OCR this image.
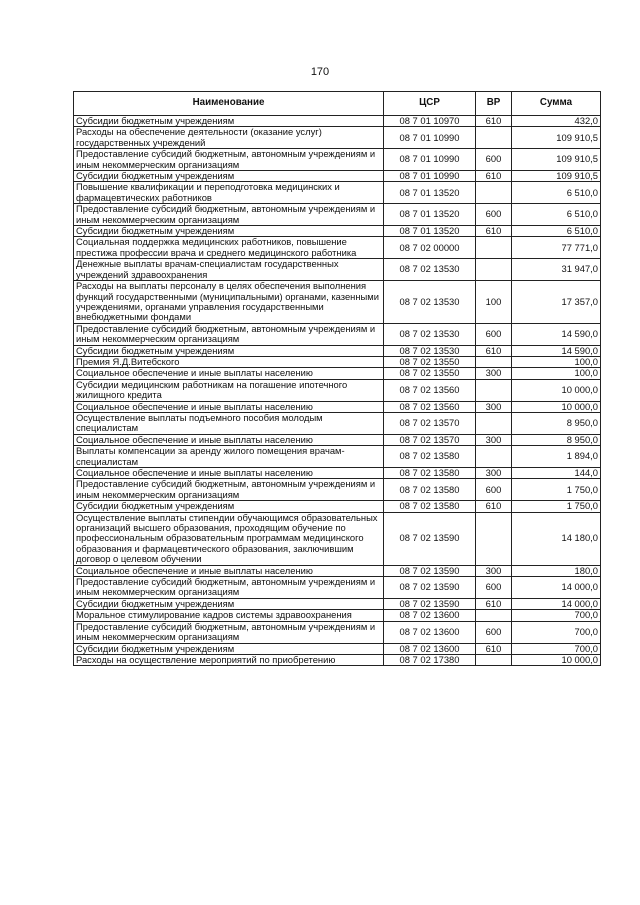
170
Наименование	ЦСР	ВР	Сумма
Субсидии бюджетным учреждениям	08 7 01 10970	610	432,0
Расходы на обеспечение деятельности (оказание услуг) государственных учреждений	08 7 01 10990		109 910,5
Предоставление субсидий бюджетным, автономным учреждениям и иным некоммерческим организациям	08 7 01 10990	600	109 910,5
Субсидии бюджетным учреждениям	08 7 01 10990	610	109 910,5
Повышение квалификации и переподготовка медицинских и фармацевтических работников	08 7 01 13520		6 510,0
Предоставление субсидий бюджетным, автономным учреждениям и иным некоммерческим организациям	08 7 01 13520	600	6 510,0
Субсидии бюджетным учреждениям	08 7 01 13520	610	6 510,0
Социальная поддержка медицинских работников, повышение престижа профессии врача и среднего медицинского работника	08 7 02 00000		77 771,0
Денежные выплаты врачам-специалистам государственных учреждений здравоохранения	08 7 02 13530		31 947,0
Расходы на выплаты персоналу в целях обеспечения выполнения функций государственными (муниципальными) органами, казенными учреждениями, органами управления государственными внебюджетными фондами	08 7 02 13530	100	17 357,0
Предоставление субсидий бюджетным, автономным учреждениям и иным некоммерческим организациям	08 7 02 13530	600	14 590,0
Субсидии бюджетным учреждениям	08 7 02 13530	610	14 590,0
Премия Я.Д.Витебского	08 7 02 13550		100,0
Социальное обеспечение и иные выплаты населению	08 7 02 13550	300	100,0
Субсидии медицинским работникам на погашение ипотечного жилищного кредита	08 7 02 13560		10 000,0
Социальное обеспечение и иные выплаты населению	08 7 02 13560	300	10 000,0
Осуществление выплаты подъемного пособия молодым специалистам	08 7 02 13570		8 950,0
Социальное обеспечение и иные выплаты населению	08 7 02 13570	300	8 950,0
Выплаты компенсации за аренду жилого помещения врачам-специалистам	08 7 02 13580		1 894,0
Социальное обеспечение и иные выплаты населению	08 7 02 13580	300	144,0
Предоставление субсидий бюджетным, автономным учреждениям и иным некоммерческим организациям	08 7 02 13580	600	1 750,0
Субсидии бюджетным учреждениям	08 7 02 13580	610	1 750,0
Осуществление выплаты стипендии обучающимся образовательных организаций высшего образования, проходящим обучение по профессиональным образовательным программам медицинского образования и фармацевтического образования, заключившим договор о целевом обучении	08 7 02 13590		14 180,0
Социальное обеспечение и иные выплаты населению	08 7 02 13590	300	180,0
Предоставление субсидий бюджетным, автономным учреждениям и иным некоммерческим организациям	08 7 02 13590	600	14 000,0
Субсидии бюджетным учреждениям	08 7 02 13590	610	14 000,0
Моральное стимулирование кадров системы здравоохранения	08 7 02 13600		700,0
Предоставление субсидий бюджетным, автономным учреждениям и иным некоммерческим организациям	08 7 02 13600	600	700,0
Субсидии бюджетным учреждениям	08 7 02 13600	610	700,0
Расходы на осуществление мероприятий по приобретению	08 7 02 17380		10 000,0
